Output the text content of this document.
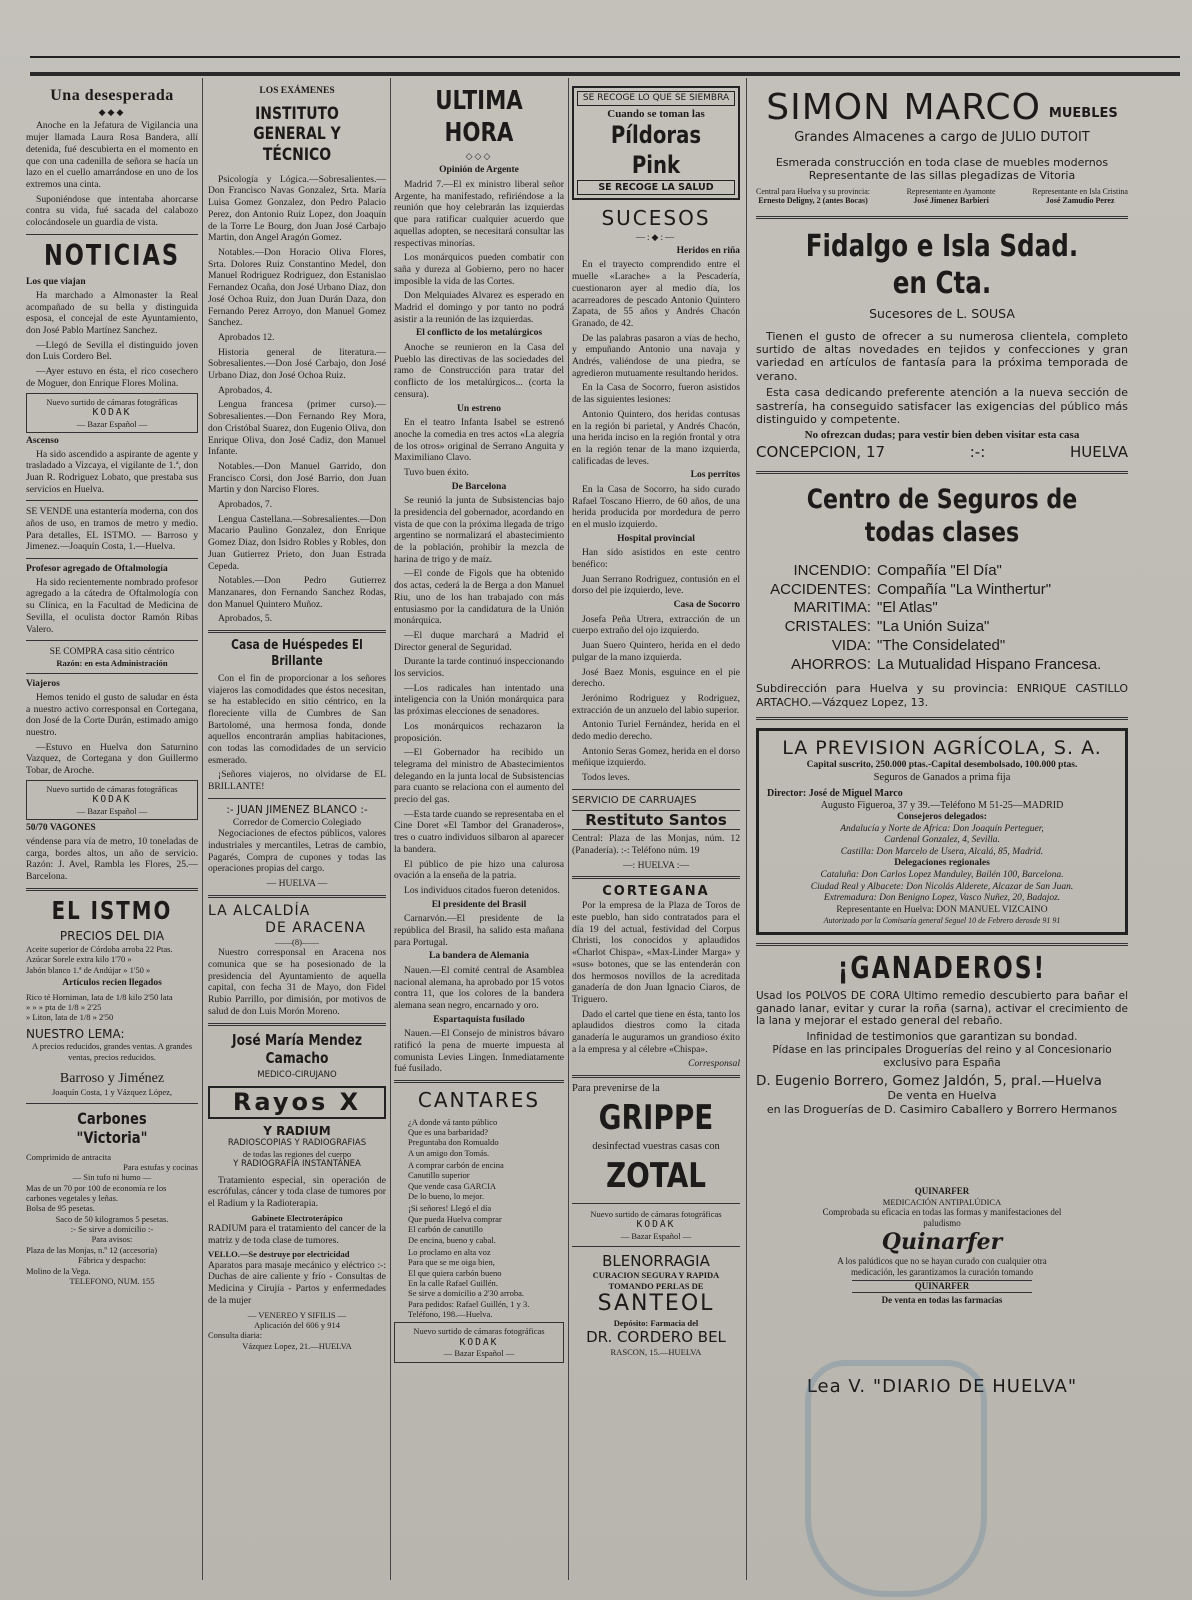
Una desesperada
◆◆◆

Anoche en la Jefatura de Vigilancia una mujer llamada Laura Rosa Bandera, allí detenida, fué descubierta en el momento en que con una cadenilla de señora se hacía un lazo en el cuello amarrándose en uno de los extremos una cinta.

Suponiéndose que intentaba ahorcarse contra su vida, fué sacada del calabozo colocándosele un guardia de vista.

NOTICIAS
Los que viajan

Ha marchado a Almonaster la Real acompañado de su bella y distinguida esposa, el concejal de este Ayuntamiento, don José Pablo Martínez Sanchez.

—Llegó de Sevilla el distinguido joven don Luis Cordero Bel.

—Ayer estuvo en ésta, el rico cosechero de Moguer, don Enrique Flores Molina.

Nuevo surtido de cámaras fotográficas
KODAK
— Bazar Español —
Ascenso

Ha sido ascendido a aspirante de agente y trasladado a Vizcaya, el vigilante de 1.ª, don Juan R. Rodriguez Lobato, que prestaba sus servicios en Huelva.

SE VENDE una estantería moderna, con dos años de uso, en tramos de metro y medio. Para detalles, EL ISTMO. — Barroso y Jimenez.—Joaquín Costa, 1.—Huelva.

Profesor agregado de Oftalmología

Ha sido recientemente nombrado profesor agregado a la cátedra de Oftalmología con su Clínica, en la Facultad de Medicina de Sevilla, el oculista doctor Ramón Ribas Valero.

SE COMPRA casa sitio céntrico
Razón: en esta Administración
Viajeros

Hemos tenido el gusto de saludar en ésta a nuestro activo corresponsal en Cortegana, don José de la Corte Durán, estimado amigo nuestro.

—Estuvo en Huelva don Saturnino Vazquez, de Cortegana y don Guillermo Tobar, de Aroche.

Nuevo surtido de cámaras fotográficas
KODAK
— Bazar Español —
50/70 VAGONES

véndense para vía de metro, 10 toneladas de carga, bordes altos, un año de servicio. Razón: J. Avel, Rambla les Flores, 25.—Barcelona.

EL ISTMO
PRECIOS DEL DIA
Aceite superior de Córdoba arroba 22 Ptas.
Azúcar Sorele extra kilo 1'70 »
Jabón blanco 1.ª de Andújar » 1'50 »
Artículos recien llegados
Rico té Horniman, lata de 1/8 kilo 2'50 lata
» » » pta de 1/8 » 2'25
» Liton, lata de 1/8 » 2'50
NUESTRO LEMA:
A precios reducidos, grandes ventas. A grandes ventas, precios reducidos.
Barroso y Jiménez
Joaquín Costa, 1 y Vázquez López,
Carbones "Victoria"
Comprimido de antracita
Para estufas y cocinas
— Sin tufo ni humo —
Mas de un 70 por 100 de economía re los carbones vegetales y leñas.
Bolsa de 95 pesetas.
Saco de 50 kilogramos 5 pesetas.
:- Se sirve a domicilio :-
Para avisos:
Plaza de las Monjas, n.º 12 (accesoria)
Fábrica y despacho:
Molino de la Vega.
TELEFONO, NUM. 155
LOS EXÁMENES
INSTITUTO GENERAL Y TÉCNICO

Psicología y Lógica.—Sobresalientes.—Don Francisco Navas Gonzalez, Srta. María Luisa Gomez Gonzalez, don Pedro Palacio Perez, don Antonio Ruiz Lopez, don Joaquín de la Torre Le Bourg, don Juan José Carbajo Martin, don Angel Aragón Gomez.

Notables.—Don Horacio Oliva Flores, Srta. Dolores Ruiz Constantino Medel, don Manuel Rodriguez Rodriguez, don Estanislao Fernandez Ocaña, don José Urbano Diaz, don José Ochoa Ruiz, don Juan Durán Daza, don Fernando Perez Arroyo, don Manuel Gomez Sanchez.

Aprobados 12.

Historia general de literatura.—Sobresalientes.—Don José Carbajo, don José Urbano Diaz, don José Ochoa Ruiz.

Aprobados, 4.

Lengua francesa (primer curso).—Sobresalientes.—Don Fernando Rey Mora, don Cristóbal Suarez, don Eugenio Oliva, don Enrique Oliva, don José Cadiz, don Manuel Infante.

Notables.—Don Manuel Garrido, don Francisco Corsi, don José Barrio, don Juan Martin y don Narciso Flores.

Aprobados, 7.

Lengua Castellana.—Sobresalientes.—Don Macario Paulino Gonzalez, don Enrique Gomez Diaz, don Isidro Robles y Robles, don Juan Gutierrez Prieto, don Juan Estrada Cepeda.

Notables.—Don Pedro Gutierrez Manzanares, don Fernando Sanchez Rodas, don Manuel Quintero Muñoz.

Aprobados, 5.

Casa de Huéspedes El Brillante

Con el fin de proporcionar a los señores viajeros las comodidades que éstos necesitan, se ha establecido en sitio céntrico, en la floreciente villa de Cumbres de San Bartolomé, una hermosa fonda, donde aquellos encontrarán amplias habitaciones, con todas las comodidades de un servicio esmerado.

¡Señores viajeros, no olvidarse de EL BRILLANTE!

:- JUAN JIMENEZ BLANCO :-
Corredor de Comercio Colegiado

Negociaciones de efectos públicos, valores industriales y mercantiles, Letras de cambio, Pagarés, Compra de cupones y todas las operaciones propias del cargo.

— HUELVA —
LA ALCALDÍA
DE ARACENA
——(8)——

Nuestro corresponsal en Aracena nos comunica que se ha posesionado de la presidencia del Ayuntamiento de aquella capital, con fecha 31 de Mayo, don Fidel Rubio Parrillo, por dimisión, por motivos de salud de don Luis Morón Moreno.

José María Mendez Camacho
MEDICO-CIRUJANO
Rayos X
Y RADIUM
RADIOSCOPIAS Y RADIOGRAFIAS
de todas las regiones del cuerpo
Y RADIOGRAFIA INSTANTÁNEA

Tratamiento especial, sin operación de escrófulas, cáncer y toda clase de tumores por el Radium y la Radioterapia.

Gabinete Electroterápico

RADIUM para el tratamiento del cancer de la matriz y de toda clase de tumores.

VELLO.—Se destruye por electricidad

Aparatos para masaje mecánico y eléctrico :-: Duchas de aire caliente y frío - Consultas de Medicina y Cirujía - Partos y enfermedades de la mujer

— VENEREO Y SIFILIS —
Aplicación del 606 y 914
Consulta diaria:
Vázquez Lopez, 21.—HUELVA
ULTIMA HORA
◇◇◇
Opinión de Argente

Madrid 7.—El ex ministro liberal señor Argente, ha manifestado, refiriéndose a la reunión que hoy celebrarán las izquierdas que para ratificar cualquier acuerdo que aquellas adopten, se necesitará consultar las respectivas minorías.

Los monárquicos pueden combatir con saña y dureza al Gobierno, pero no hacer imposible la vida de las Cortes.

Don Melquiades Alvarez es esperado en Madrid el domingo y por tanto no podrá asistir a la reunión de las izquierdas.

El conflicto de los metalúrgicos

Anoche se reunieron en la Casa del Pueblo las directivas de las sociedades del ramo de Construcción para tratar del conflicto de los metalúrgicos... (corta la censura).

Un estreno

En el teatro Infanta Isabel se estrenó anoche la comedia en tres actos «La alegría de los otros» original de Serrano Anguita y Maximiliano Clavo.

Tuvo buen éxito.

De Barcelona

Se reunió la junta de Subsistencias bajo la presidencia del gobernador, acordando en vista de que con la próxima llegada de trigo argentino se normalizará el abastecimiento de la población, prohibir la mezcla de harina de trigo y de maíz.

—El conde de Figols que ha obtenido dos actas, cederá la de Berga a don Manuel Riu, uno de los han trabajado con más entusiasmo por la candidatura de la Unión monárquica.

—El duque marchará a Madrid el Director general de Seguridad.

Durante la tarde continuó inspeccionando los servicios.

—Los radicales han intentado una inteligencia con la Unión monárquica para las próximas elecciones de senadores.

Los monárquicos rechazaron la proposición.

—El Gobernador ha recibido un telegrama del ministro de Abastecimientos delegando en la junta local de Subsistencias para cuanto se relaciona con el aumento del precio del gas.

—Esta tarde cuando se representaba en el Cine Doret «El Tambor del Granaderos», tres o cuatro individuos silbaron al aparecer la bandera.

El público de pie hizo una calurosa ovación a la enseña de la patria.

Los individuos citados fueron detenidos.

El presidente del Brasil

Carnarvón.—El presidente de la república del Brasil, ha salido esta mañana para Portugal.

La bandera de Alemania

Nauen.—El comité central de Asamblea nacional alemana, ha aprobado por 15 votos contra 11, que los colores de la bandera alemana sean negro, encarnado y oro.

Espartaquista fusilado

Nauen.—El Consejo de ministros bávaro ratificó la pena de muerte impuesta al comunista Levies Lingen. Inmediatamente fué fusilado.

CANTARES
¿A donde vá tanto público
Que es una barbaridad?
Preguntaba don Romualdo
A un amigo don Tomás.
A comprar carbón de encina
Canutillo superior
Que vende casa GARCIA
De lo bueno, lo mejor.
¡Si señores! Llegó el día
Que pueda Huelva comprar
El carbón de canutillo
De encina, bueno y cabal.
Lo proclamo en alta voz
Para que se me oiga bien,
El que quiera carbón bueno
En la calle Rafael Guillén.
Se sirve a domicilio a 2'30 arroba.
Para pedidos: Rafael Guillén, 1 y 3.
Teléfono, 198.—Huelva.
Nuevo surtido de cámaras fotográficas
KODAK
— Bazar Español —
SE RECOGE LO QUE SE SIEMBRA
Cuando se toman las
Píldoras Pink
SE RECOGE LA SALUD
SUCESOS
—:◆:—
Heridos en riña

En el trayecto comprendido entre el muelle «Larache» a la Pescadería, cuestionaron ayer al medio día, los acarreadores de pescado Antonio Quintero Zapata, de 55 años y Andrés Chacón Granado, de 42.

De las palabras pasaron a vías de hecho, y empuñando Antonio una navaja y Andrés, valiéndose de una piedra, se agredieron mutuamente resultando heridos.

En la Casa de Socorro, fueron asistidos de las siguientes lesiones:

Antonio Quintero, dos heridas contusas en la región bi parietal, y Andrés Chacón, una herida inciso en la región frontal y otra en la región tenar de la mano izquierda, calificadas de leves.

Los perritos

En la Casa de Socorro, ha sido curado Rafael Toscano Hierro, de 60 años, de una herida producida por mordedura de perro en el muslo izquierdo.

Hospital provincial

Han sido asistidos en este centro benéfico:

Juan Serrano Rodriguez, contusión en el dorso del pie izquierdo, leve.

Casa de Socorro

Josefa Peña Utrera, extracción de un cuerpo extraño del ojo izquierdo.

Juan Suero Quintero, herida en el dedo pulgar de la mano izquierda.

José Baez Monis, esguince en el pie derecho.

Jerónimo Rodriguez y Rodriguez, extracción de un anzuelo del labio superior.

Antonio Turiel Fernández, herida en el dedo medio derecho.

Antonio Seras Gomez, herida en el dorso meñique izquierdo.

Todos leves.

SERVICIO DE CARRUAJES
Restituto Santos

Central: Plaza de las Monjas, núm. 12 (Panadería). :-: Teléfono núm. 19

—: HUELVA :—
CORTEGANA

Por la empresa de la Plaza de Toros de este pueblo, han sido contratados para el día 19 del actual, festividad del Corpus Christi, los conocidos y aplaudidos «Charlot Chispa», «Max-Linder Marga» y «sus» botones, que se las entenderán con dos hermosos novillos de la acreditada ganadería de don Juan Ignacio Ciaros, de Triguero.

Dado el cartel que tiene en ésta, tanto los aplaudidos diestros como la citada ganadería le auguramos un grandioso éxito a la empresa y al célebre «Chispa».

Corresponsal
Para prevenirse de la
GRIPPE
desinfectad vuestras casas con
ZOTAL
Nuevo surtido de cámaras fotográficas
KODAK
— Bazar Español —
BLENORRAGIA
CURACION SEGURA Y RAPIDA
TOMANDO PERLAS DE
SANTEOL
Depósito: Farmacia del
DR. CORDERO BEL
RASCON, 15.—HUELVA
SIMON MARCO MUEBLES
Grandes Almacenes a cargo de JULIO DUTOIT
Esmerada construcción en toda clase de muebles modernos
Representante de las sillas plegadizas de Vitoria
Central para Huelva y su provincia:
Ernesto Deligny, 2 (antes Bocas)
Representante en Ayamonte
José Jimenez Barbieri
Representante en Isla Cristina
José Zamudio Perez
Fidalgo e Isla Sdad. en Cta.
Sucesores de L. SOUSA

Tienen el gusto de ofrecer a su numerosa clientela, completo surtido de altas novedades en tejidos y confecciones y gran variedad en artículos de fantasía para la próxima temporada de verano.

Esta casa dedicando preferente atención a la nueva sección de sastrería, ha conseguido satisfacer las exigencias del público más distinguido y competente.

No ofrezcan dudas; para vestir bien deben visitar esta casa
CONCEPCION, 17	:-:	HUELVA
Centro de Seguros de todas clases
INCENDIO: Compañía "El Día"
ACCIDENTES: Compañía "La Winthertur"
MARITIMA: "El Atlas"
CRISTALES: "La Unión Suiza"
VIDA: "The Considelated"
AHORROS: La Mutualidad Hispano Francesa.

Subdirección para Huelva y su provincia: ENRIQUE CASTILLO ARTACHO.—Vázquez Lopez, 13.

LA PREVISION AGRÍCOLA, S. A.
Capital suscrito, 250.000 ptas.-Capital desembolsado, 100.000 ptas.
Seguros de Ganados a prima fija
Director: José de Miguel Marco
Augusto Figueroa, 37 y 39.—Teléfono M 51-25—MADRID
Consejeros delegados:
Andalucía y Norte de Africa: Don Joaquín Perteguer,
Cardenal Gonzalez, 4, Sevilla.
Castilla: Don Marcelo de Usera, Alcalá, 85, Madrid.
Delegaciones regionales
Cataluña: Don Carlos Lopez Manduley, Bailén 100, Barcelona.
Ciudad Real y Albacete: Don Nicolás Alderete, Alcazar de San Juan.
Extremadura: Don Benigno Lopez, Vasco Nuñez, 20, Badajoz.
Representante en Huelva: DON MANUEL VIZCAINO
Autorizado por la Comisaría general Seguel 10 de Febrero derosde 91 91
¡GANADEROS!

Usad los POLVOS DE CORA Ultimo remedio descubierto para bañar el ganado lanar, evitar y curar la roña (sarna), activar el crecimiento de la lana y mejorar el estado general del rebaño.

Infinidad de testimonios que garantizan su bondad.
Pídase en las principales Droguerías del reino y al Concesionario exclusivo para España
D. Eugenio Borrero, Gomez Jaldón, 5, pral.—Huelva
De venta en Huelva
en las Droguerías de D. Casimiro Caballero y Borrero Hermanos
QUINARFER
MEDICACIÓN ANTIPALÚDICA
Comprobada su eficacia en todas las formas y manifestaciones del paludismo
Quinarfer
A los palúdicos que no se hayan curado con cualquier otra medicación, les garantizamos la curación tomando
QUINARFER
De venta en todas las farmacias
Lea V. "DIARIO DE HUELVA"
